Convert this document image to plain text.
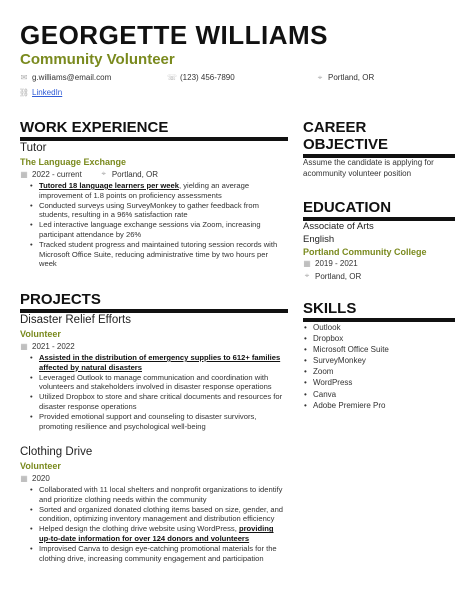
GEORGETTE WILLIAMS
Community Volunteer
✉ g.williams@email.com	☏ (123) 456-7890	⌖ Portland, OR
⛓ LinkedIn
WORK EXPERIENCE
Tutor
The Language Exchange
▦ 2022 - current ⌖ Portland, OR
• Tutored 18 language learners per week, yielding an average improvement of 1.8 points on proficiency assessments
• Conducted surveys using SurveyMonkey to gather feedback from students, resulting in a 96% satisfaction rate
• Led interactive language exchange sessions via Zoom, increasing participant attendance by 26%
• Tracked student progress and maintained tutoring session records with Microsoft Office Suite, reducing administrative time by two hours per week
PROJECTS
Disaster Relief Efforts
Volunteer
▦ 2021 - 2022
• Assisted in the distribution of emergency supplies to 612+ families affected by natural disasters
• Leveraged Outlook to manage communication and coordination with volunteers and stakeholders involved in disaster response operations
• Utilized Dropbox to store and share critical documents and resources for disaster response operations
• Provided emotional support and counseling to disaster survivors, promoting resilience and psychological well-being
Clothing Drive
Volunteer
▦ 2020
• Collaborated with 11 local shelters and nonprofit organizations to identify and prioritize clothing needs within the community
• Sorted and organized donated clothing items based on size, gender, and condition, optimizing inventory management and distribution efficiency
• Helped design the clothing drive website using WordPress, providing up-to-date information for over 124 donors and volunteers
• Improvised Canva to design eye-catching promotional materials for the clothing drive, increasing community engagement and participation
CAREER
OBJECTIVE
Assume the candidate is applying for acommunity volunteer position
EDUCATION
Associate of Arts
English
Portland Community College
▦ 2019 - 2021
⌖ Portland, OR
SKILLS
• Outlook
• Dropbox
• Microsoft Office Suite
• SurveyMonkey
• Zoom
• WordPress
• Canva
• Adobe Premiere Pro
